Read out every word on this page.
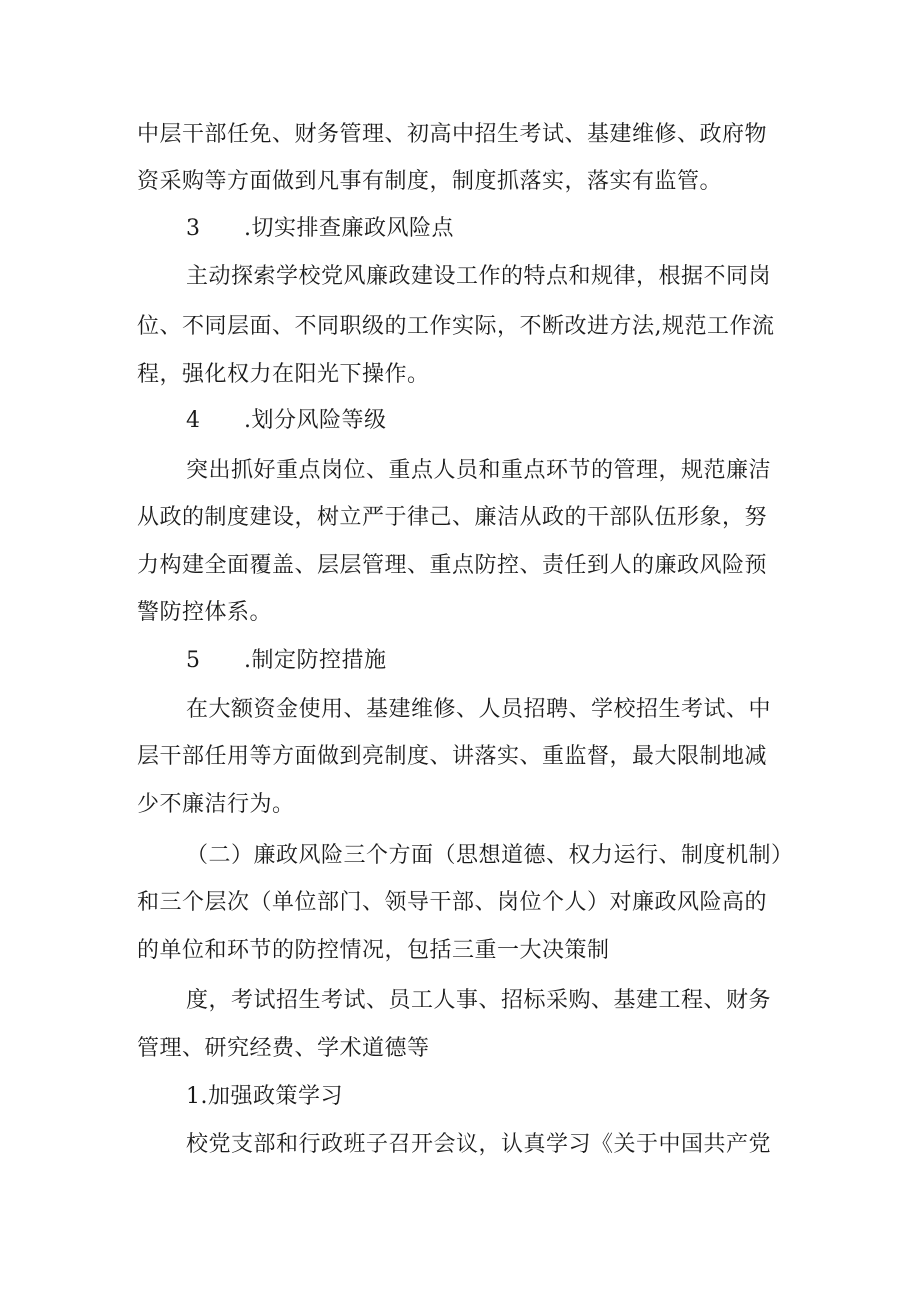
中层干部任免、财务管理、初高中招生考试、基建维修、政府物
资采购等方面做到凡事有制度，制度抓落实，落实有监管。
3 .切实排查廉政风险点
主动探索学校党风廉政建设工作的特点和规律，根据不同岗
位、不同层面、不同职级的工作实际，不断改进方法,规范工作流
程，强化权力在阳光下操作。
4 .划分风险等级
突出抓好重点岗位、重点人员和重点环节的管理，规范廉洁
从政的制度建设，树立严于律己、廉洁从政的干部队伍形象，努
力构建全面覆盖、层层管理、重点防控、责任到人的廉政风险预
警防控体系。
5 .制定防控措施
在大额资金使用、基建维修、人员招聘、学校招生考试、中
层干部任用等方面做到亮制度、讲落实、重监督，最大限制地减
少不廉洁行为。
（二）廉政风险三个方面（思想道德、权力运行、制度机制）
和三个层次（单位部门、领导干部、岗位个人）对廉政风险高的
的单位和环节的防控情况，包括三重一大决策制
度，考试招生考试、员工人事、招标采购、基建工程、财务
管理、研究经费、学术道德等
1.加强政策学习
校党支部和行政班子召开会议，认真学习《关于中国共产党
